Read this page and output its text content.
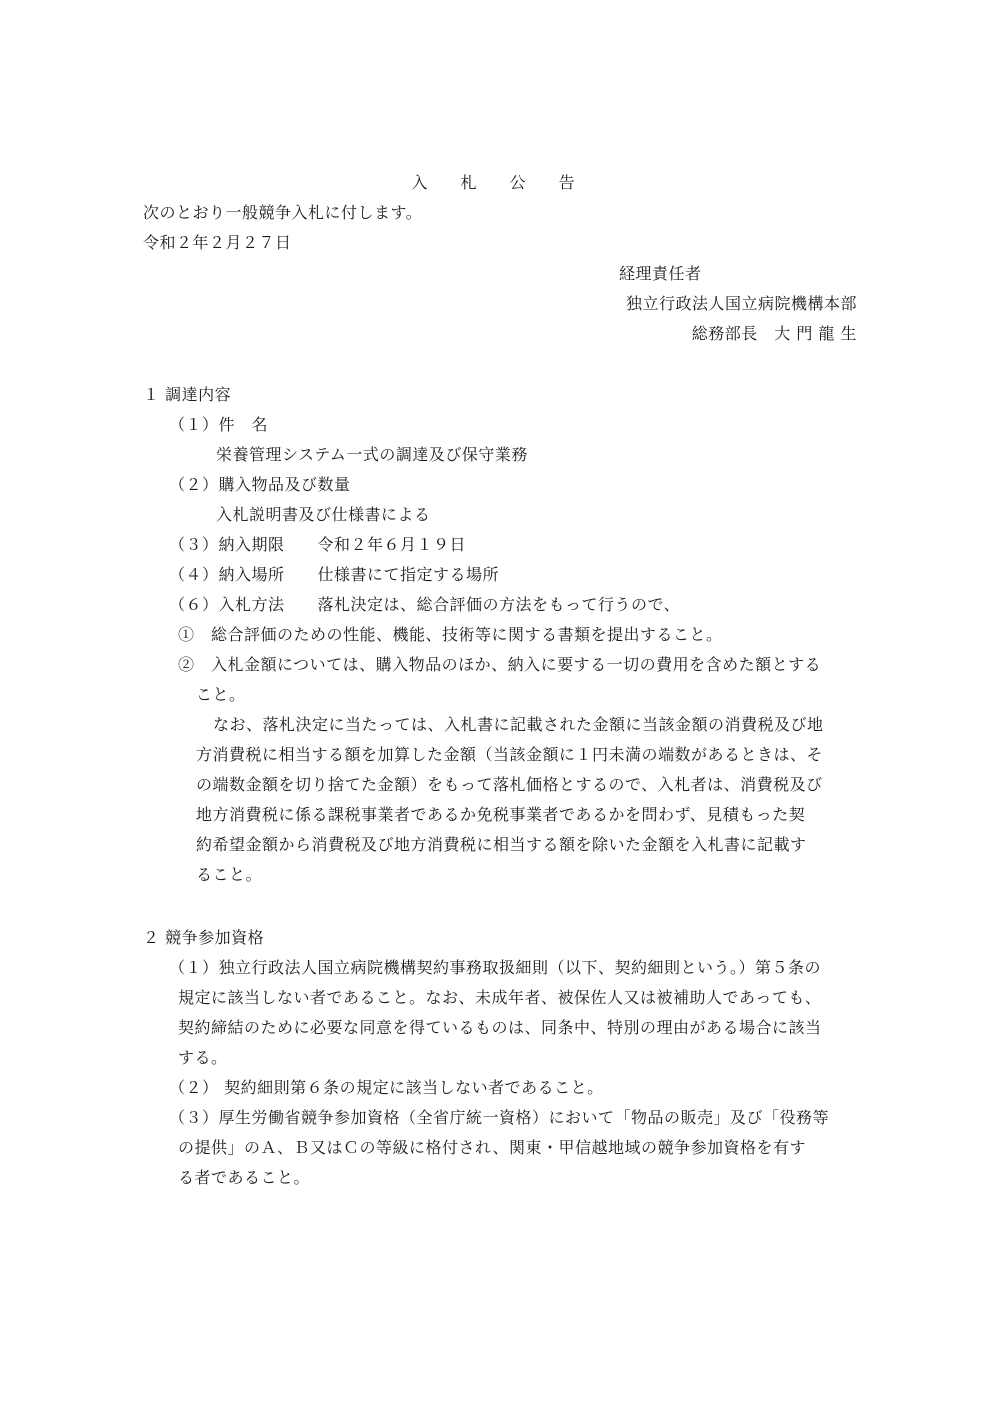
入 札 公 告
次のとおり一般競争入札に付します。
令和２年２月２７日
経理責任者
独立行政法人国立病院機構本部
総務部長　大 門 龍 生
１ 調達内容
（１）件　名
栄養管理システム一式の調達及び保守業務
（２）購入物品及び数量
入札説明書及び仕様書による
（３）納入期限　　令和２年６月１９日
（４）納入場所　　仕様書にて指定する場所
（６）入札方法　　落札決定は、総合評価の方法をもって行うので、
①　総合評価のための性能、機能、技術等に関する書類を提出すること。
②　入札金額については、購入物品のほか、納入に要する一切の費用を含めた額とする
こと。
なお、落札決定に当たっては、入札書に記載された金額に当該金額の消費税及び地
方消費税に相当する額を加算した金額（当該金額に１円未満の端数があるときは、そ
の端数金額を切り捨てた金額）をもって落札価格とするので、入札者は、消費税及び
地方消費税に係る課税事業者であるか免税事業者であるかを問わず、見積もった契
約希望金額から消費税及び地方消費税に相当する額を除いた金額を入札書に記載す
ること。
２ 競争参加資格
（１）独立行政法人国立病院機構契約事務取扱細則（以下、契約細則という。）第５条の
規定に該当しない者であること。なお、未成年者、被保佐人又は被補助人であっても、
契約締結のために必要な同意を得ているものは、同条中、特別の理由がある場合に該当
する。
（２） 契約細則第６条の規定に該当しない者であること。
（３）厚生労働省競争参加資格（全省庁統一資格）において「物品の販売」及び「役務等
の提供」のＡ、Ｂ又はＣの等級に格付され、関東・甲信越地域の競争参加資格を有す
る者であること。
